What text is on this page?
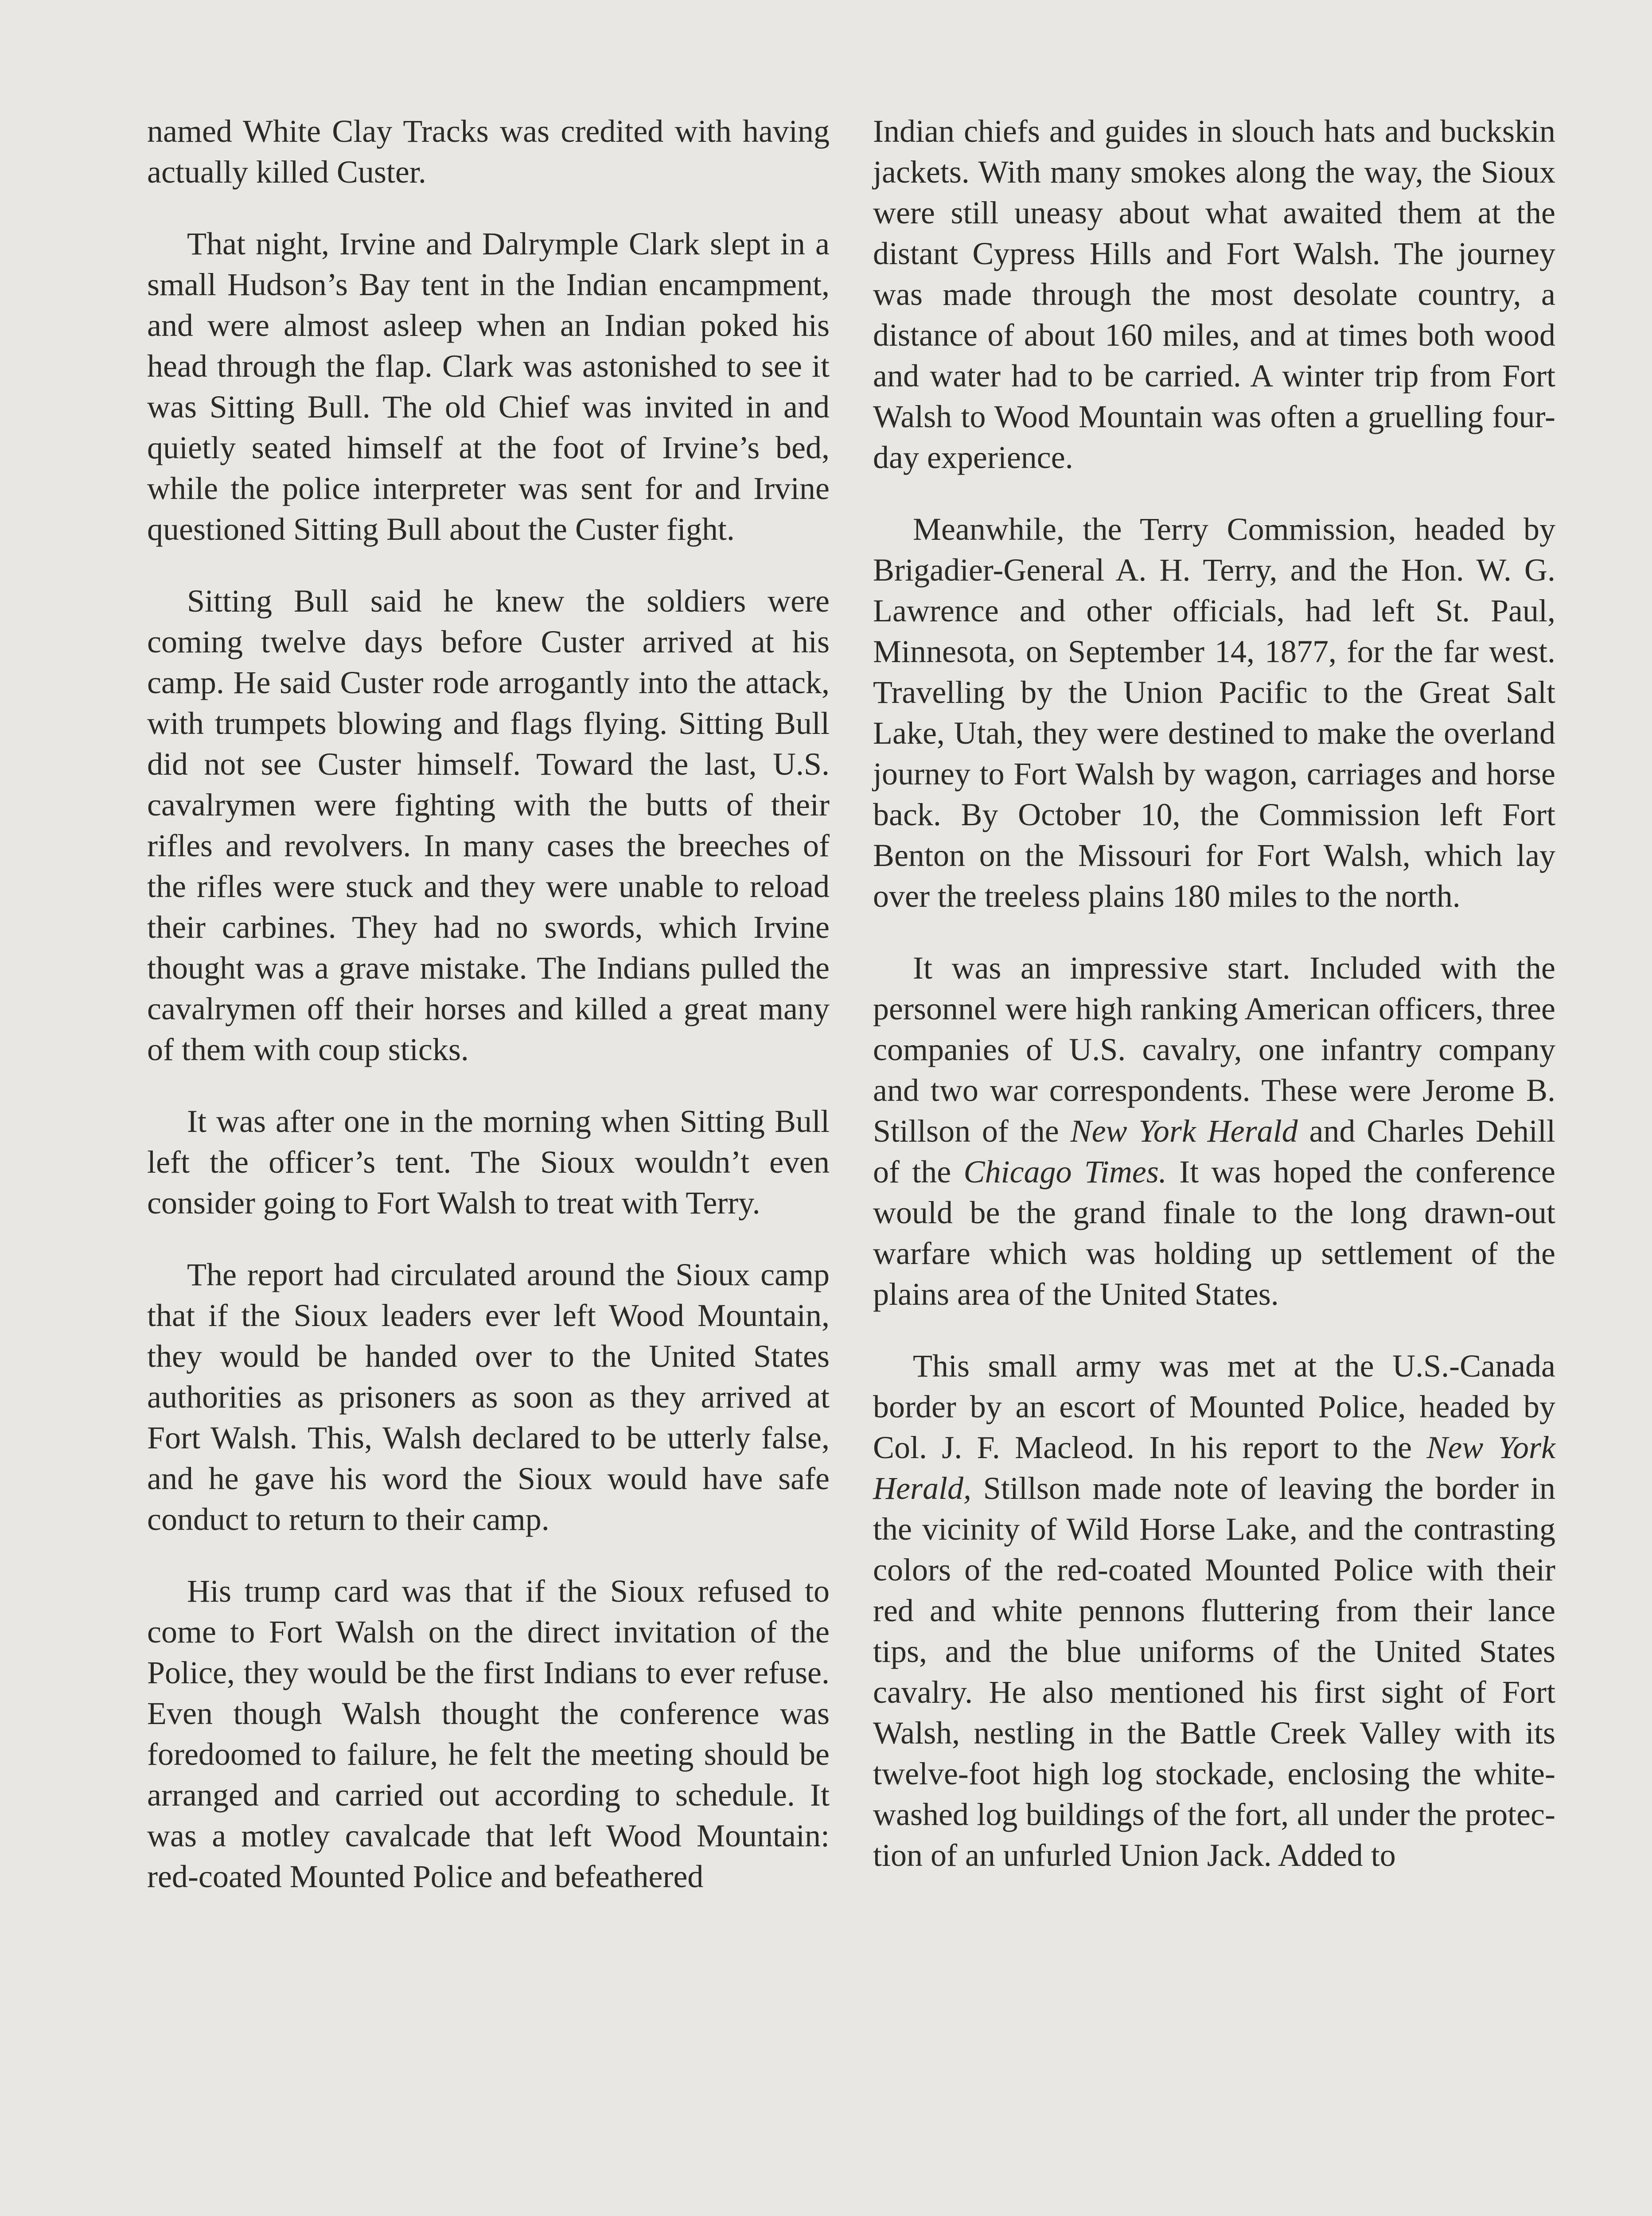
named White Clay Tracks was credited with having actually killed Custer.

That night, Irvine and Dalrymple Clark slept in a small Hudson’s Bay tent in the Indian encampment, and were almost asleep when an Indian poked his head through the flap. Clark was astonished to see it was Sitting Bull. The old Chief was invited in and quietly seated himself at the foot of Irvine’s bed, while the police interpreter was sent for and Irvine questioned Sitting Bull about the Custer fight.

Sitting Bull said he knew the soldiers were coming twelve days before Custer arrived at his camp. He said Custer rode arrogantly into the attack, with trumpets blowing and flags flying. Sitting Bull did not see Custer himself. Toward the last, U.S. cavalrymen were fighting with the butts of their rifles and revolvers. In many cases the breeches of the rifles were stuck and they were unable to reload their carbines. They had no swords, which Irvine thought was a grave mistake. The Indians pulled the cavalrymen off their horses and killed a great many of them with coup sticks.

It was after one in the morning when Sitting Bull left the officer’s tent. The Sioux wouldn’t even consider going to Fort Walsh to treat with Terry.

The report had circulated around the Sioux camp that if the Sioux leaders ever left Wood Mountain, they would be handed over to the United States authorities as prisoners as soon as they arrived at Fort Walsh. This, Walsh declared to be utterly false, and he gave his word the Sioux would have safe conduct to return to their camp.

His trump card was that if the Sioux refused to come to Fort Walsh on the direct invitation of the Police, they would be the first Indians to ever refuse. Even though Walsh thought the conference was foredoomed to failure, he felt the meeting should be arranged and carried out according to schedule. It was a motley cavalcade that left Wood Mountain: red-coated Mounted Police and befeathered

Indian chiefs and guides in slouch hats and buckskin jackets. With many smokes along the way, the Sioux were still uneasy about what awaited them at the distant Cypress Hills and Fort Walsh. The journey was made through the most desolate country, a distance of about 160 miles, and at times both wood and water had to be carried. A winter trip from Fort Walsh to Wood Mountain was often a gruelling four-day experience.

Meanwhile, the Terry Commission, headed by Brigadier-General A. H. Terry, and the Hon. W. G. Lawrence and other officials, had left St. Paul, Minnesota, on September 14, 1877, for the far west. Travelling by the Union Pacific to the Great Salt Lake, Utah, they were destined to make the overland journey to Fort Walsh by wagon, carriages and horse back. By October 10, the Commission left Fort Benton on the Missouri for Fort Walsh, which lay over the treeless plains 180 miles to the north.

It was an impressive start. Included with the personnel were high ranking American officers, three companies of U.S. cavalry, one infantry company and two war correspondents. These were Jerome B. Stillson of the New York Herald and Charles Dehill of the Chicago Times. It was hoped the conference would be the grand finale to the long drawn-out warfare which was holding up settlement of the plains area of the United States.

This small army was met at the U.S.-Canada border by an escort of Mounted Police, headed by Col. J. F. Macleod. In his report to the New York Herald, Stillson made note of leaving the border in the vicinity of Wild Horse Lake, and the contrasting colors of the red-coated Mounted Police with their red and white pennons fluttering from their lance tips, and the blue uniforms of the United States cavalry. He also mentioned his first sight of Fort Walsh, nestling in the Battle Creek Valley with its twelve-foot high log stockade, enclosing the white-washed log buildings of the fort, all under the protection of an unfurled Union Jack. Added to
